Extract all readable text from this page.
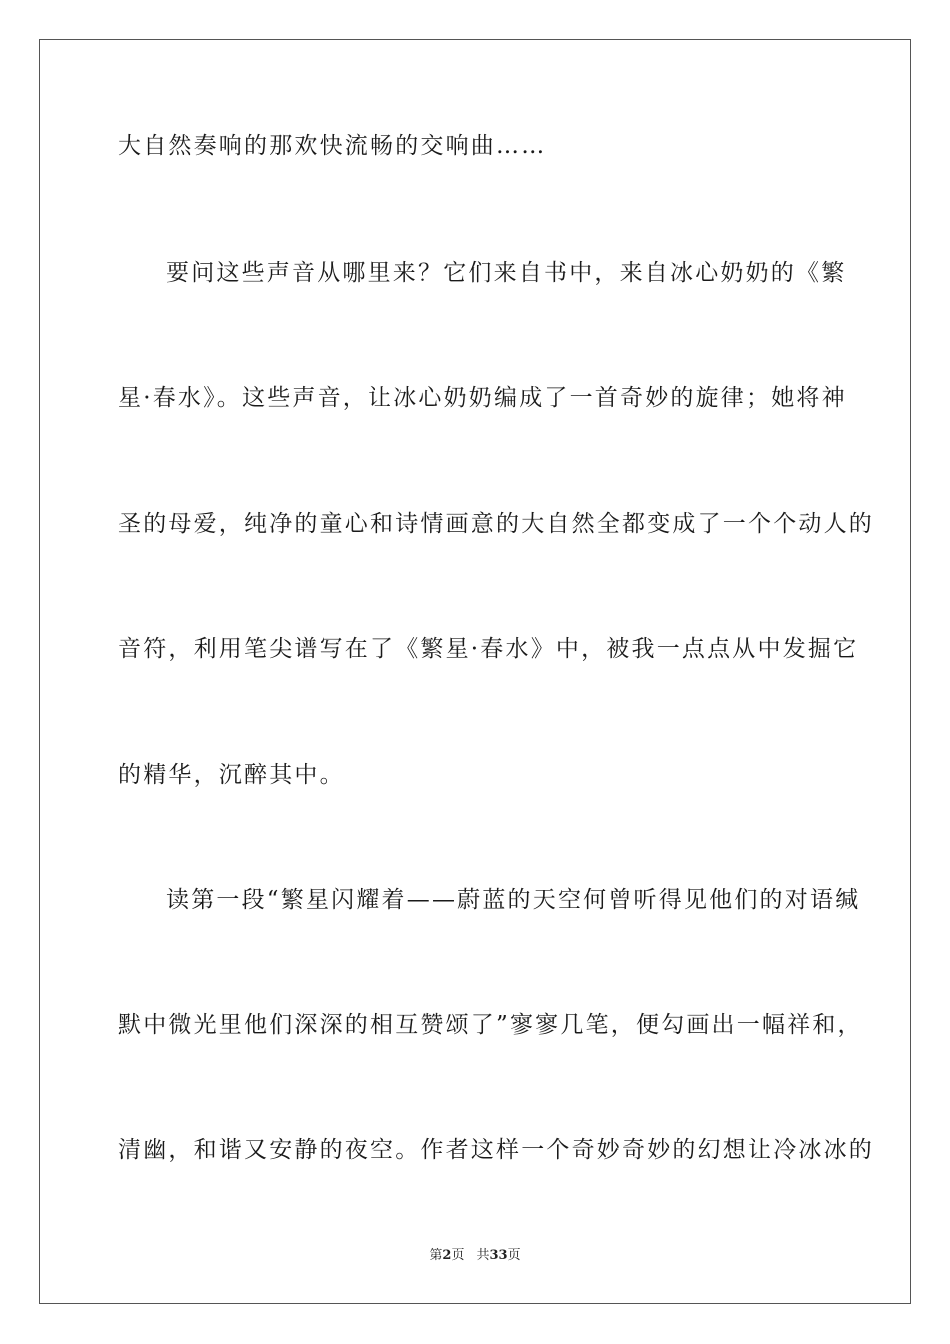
大自然奏响的那欢快流畅的交响曲……
要问这些声音从哪里来？它们来自书中，来自冰心奶奶的《繁
星·春水》。这些声音，让冰心奶奶编成了一首奇妙的旋律；她将神
圣的母爱，纯净的童心和诗情画意的大自然全都变成了一个个动人的
音符，利用笔尖谱写在了《繁星·春水》中，被我一点点从中发掘它
的精华，沉醉其中。
读第一段“繁星闪耀着——蔚蓝的天空何曾听得见他们的对语缄
默中微光里他们深深的相互赞颂了”寥寥几笔，便勾画出一幅祥和，
清幽，和谐又安静的夜空。作者这样一个奇妙奇妙的幻想让冷冰冰的
第2页 共33页
